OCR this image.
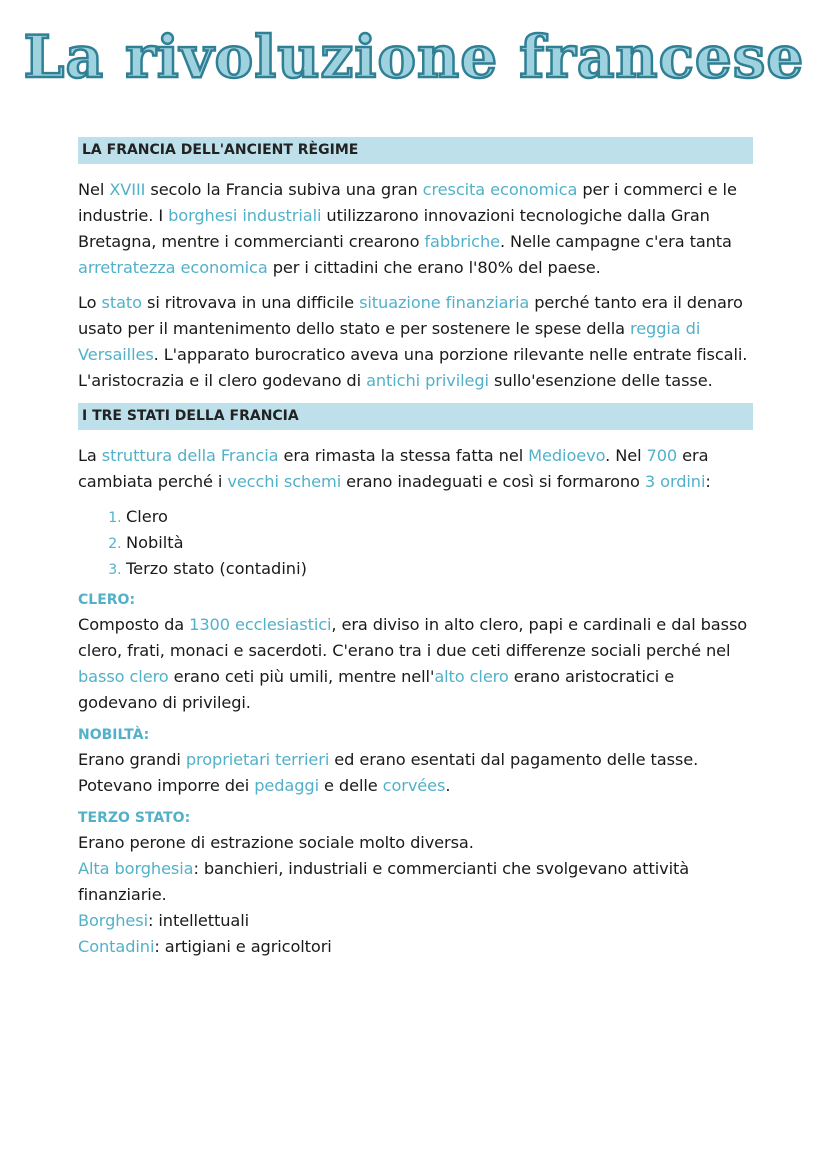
La rivoluzione francese
LA FRANCIA DELL'ANCIENT RÈGIME

Nel XVIII secolo la Francia subiva una gran crescita economica per i commerci e le industrie. I borghesi industriali utilizzarono innovazioni tecnologiche dalla Gran Bretagna, mentre i commercianti crearono fabbriche. Nelle campagne c'era tanta arretratezza economica per i cittadini che erano l'80% del paese.

Lo stato si ritrovava in una difficile situazione finanziaria perché tanto era il denaro usato per il mantenimento dello stato e per sostenere le spese della reggia di Versailles. L'apparato burocratico aveva una porzione rilevante nelle entrate fiscali. L'aristocrazia e il clero godevano di antichi privilegi sullo'esenzione delle tasse.

I TRE STATI DELLA FRANCIA

La struttura della Francia era rimasta la stessa fatta nel Medioevo. Nel 700 era cambiata perché i vecchi schemi erano inadeguati e così si formarono 3 ordini:

1. Clero
2. Nobiltà
3. Terzo stato (contadini)
CLERO:

Composto da 1300 ecclesiastici, era diviso in alto clero, papi e cardinali e dal basso clero, frati, monaci e sacerdoti. C'erano tra i due ceti differenze sociali perché nel basso clero erano ceti più umili, mentre nell'alto clero erano aristocratici e godevano di privilegi.

NOBILTÀ:

Erano grandi proprietari terrieri ed erano esentati dal pagamento delle tasse. Potevano imporre dei pedaggi e delle corvées.

TERZO STATO:

Erano perone di estrazione sociale molto diversa.

Alta borghesia: banchieri, industriali e commercianti che svolgevano attività finanziarie.

Borghesi: intellettuali

Contadini: artigiani e agricoltori
